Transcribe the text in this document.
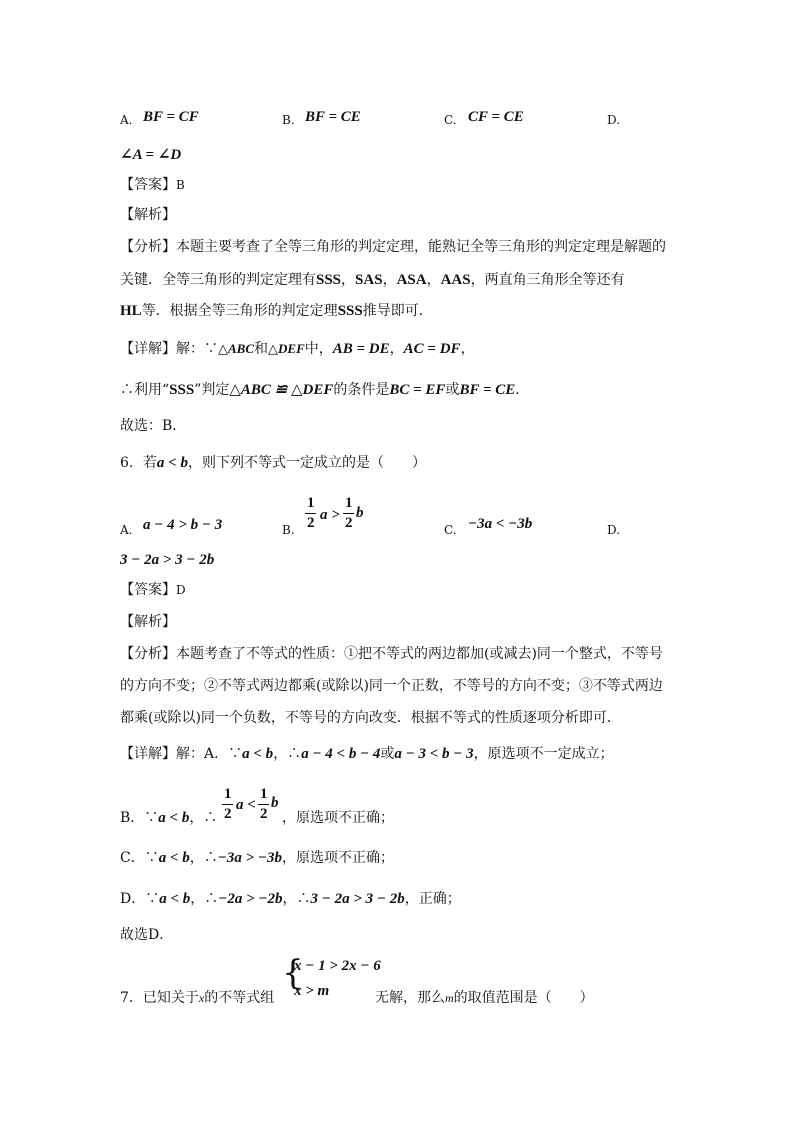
A. BF = CF	B. BF = CE	C. CF = CE	D.
∠A = ∠D
【答案】B
【解析】
【分析】本题主要考查了全等三角形的判定定理，能熟记全等三角形的判定定理是解题的
关键．全等三角形的判定定理有SSS，SAS，ASA，AAS，两直角三角形全等还有
HL等．根据全等三角形的判定定理SSS推导即可．
【详解】解：∵△ABC和△DEF中，AB = DE，AC = DF，
∴利用“SSS”判定△ABC ≌ △DEF的条件是BC = EF或BF = CE．
故选：B．
6．若a < b，则下列不等式一定成立的是（　　）
A. a − 4 > b − 3	B.
1
2 a >
1
2
b
C. −3a < −3b	D.
3 − 2a > 3 − 2b
【答案】D
【解析】
【分析】本题考查了不等式的性质：①把不等式的两边都加(或减去)同一个整式，不等号
的方向不变；②不等式两边都乘(或除以)同一个正数，不等号的方向不变；③不等式两边
都乘(或除以)同一个负数，不等号的方向改变．根据不等式的性质逐项分析即可．
【详解】解：A．∵a < b，∴a − 4 < b − 4或a − 3 < b − 3，原选项不一定成立；
B．∵a < b，∴
1
2
a <
1
2
b
，原选项不正确；
C．∵a < b，∴−3a > −3b，原选项不正确；
D．∵a < b，∴−2a > −2b，∴3 − 2a > 3 − 2b，正确；
故选D．
7．已知关于x的不等式组
{
x − 1 > 2x − 6
x > m	无解，那么m的取值范围是（　　）
